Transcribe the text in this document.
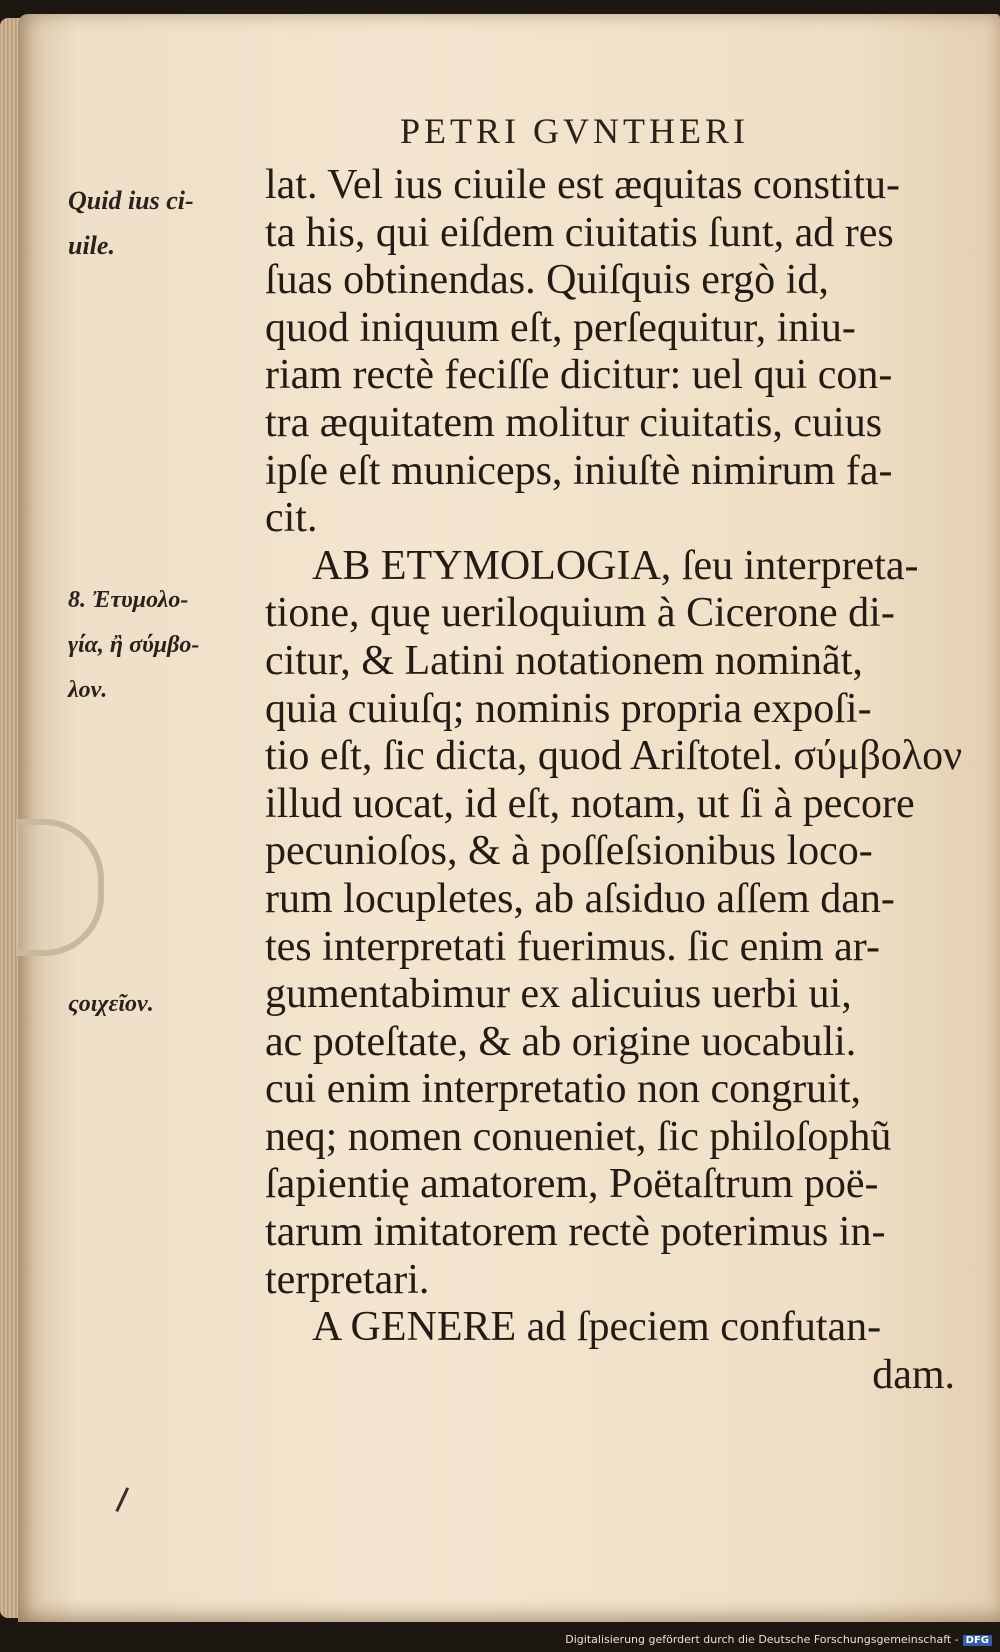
PETRI GVNTHERI
Quid ius ci-
uile.
8. Ἐτυμολο-
γία, ἢ σύμβο-
λον.
ςοιχεῖον.
lat. Vel ius ciuile est æquitas constitu-
ta his, qui eiſdem ciuitatis ſunt, ad res
ſuas obtinendas. Quiſquis ergò id,
quod iniquum eſt, perſequitur, iniu-
riam rectè feciſſe dicitur: uel qui con-
tra æquitatem molitur ciuitatis, cuius
ipſe eſt municeps, iniuſtè nimirum fa-
cit.
AB ETYMOLOGIA, ſeu interpreta-
tione, quę ueriloquium à Cicerone di-
citur, & Latini notationem nominãt,
quia cuiuſq; nominis propria expoſi-
tio eſt, ſic dicta, quod Ariſtotel. σύμβολον
illud uocat, id eſt, notam, ut ſi à pecore
pecunioſos, & à poſſeſsionibus loco-
rum locupletes, ab aſsiduo aſſem dan-
tes interpretati fuerimus. ſic enim ar-
gumentabimur ex alicuius uerbi ui,
ac poteſtate, & ab origine uocabuli.
cui enim interpretatio non congruit,
neq; nomen conueniet, ſic philoſophũ
ſapientię amatorem, Poëtaſtrum poë-
tarum imitatorem rectè poterimus in-
terpretari.
A GENERE ad ſpeciem confutan-
dam.
Digitalisierung gefördert durch die Deutsche Forschungsgemeinschaft - DFG
